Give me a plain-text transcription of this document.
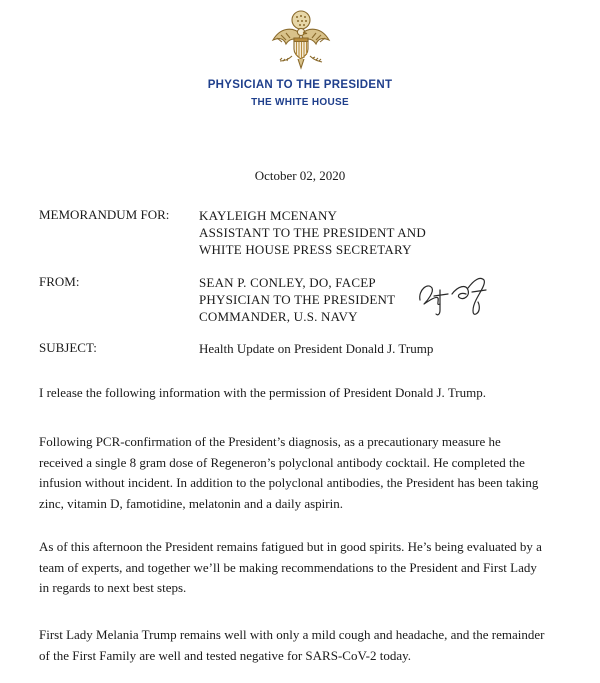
PHYSICIAN TO THE PRESIDENT
THE WHITE HOUSE
October 02, 2020
MEMORANDUM FOR: KAYLEIGH MCENANY
ASSISTANT TO THE PRESIDENT AND
WHITE HOUSE PRESS SECRETARY
FROM:	SEAN P. CONLEY, DO, FACEP
PHYSICIAN TO THE PRESIDENT
COMMANDER, U.S. NAVY
SUBJECT:	Health Update on President Donald J. Trump
I release the following information with the permission of President Donald J. Trump.
Following PCR-confirmation of the President’s diagnosis, as a precautionary measure he
received a single 8 gram dose of Regeneron’s polyclonal antibody cocktail. He completed the
infusion without incident. In addition to the polyclonal antibodies, the President has been taking
zinc, vitamin D, famotidine, melatonin and a daily aspirin.
As of this afternoon the President remains fatigued but in good spirits. He’s being evaluated by a
team of experts, and together we’ll be making recommendations to the President and First Lady
in regards to next best steps.
First Lady Melania Trump remains well with only a mild cough and headache, and the remainder
of the First Family are well and tested negative for SARS-CoV-2 today.
